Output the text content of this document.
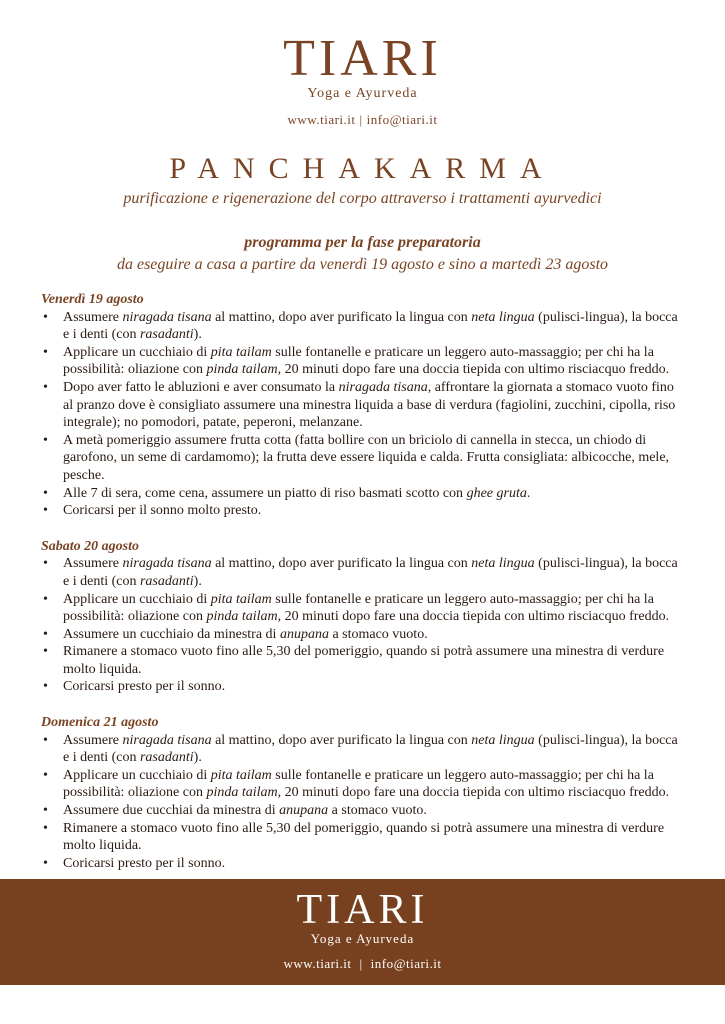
TIARI
Yoga e Ayurveda
www.tiari.it | info@tiari.it
PANCHAKARMA
purificazione e rigenerazione del corpo attraverso i trattamenti ayurvedici
programma per la fase preparatoria
da eseguire a casa a partire da venerdì 19 agosto e sino a martedì 23 agosto
Venerdì 19 agosto
• Assumere niragada tisana al mattino, dopo aver purificato la lingua con neta lingua (pulisci-lingua), la bocca e i denti (con rasadanti).
• Applicare un cucchiaio di pita tailam sulle fontanelle e praticare un leggero auto-massaggio; per chi ha la possibilità: oliazione con pinda tailam, 20 minuti dopo fare una doccia tiepida con ultimo risciacquo freddo.
• Dopo aver fatto le abluzioni e aver consumato la niragada tisana, affrontare la giornata a stomaco vuoto fino al pranzo dove è consigliato assumere una minestra liquida a base di verdura (fagiolini, zucchini, cipolla, riso integrale); no pomodori, patate, peperoni, melanzane.
• A metà pomeriggio assumere frutta cotta (fatta bollire con un briciolo di cannella in stecca, un chiodo di garofono, un seme di cardamomo); la frutta deve essere liquida e calda. Frutta consigliata: albicocche, mele, pesche.
• Alle 7 di sera, come cena, assumere un piatto di riso basmati scotto con ghee gruta.
• Coricarsi per il sonno molto presto.
Sabato 20 agosto
• Assumere niragada tisana al mattino, dopo aver purificato la lingua con neta lingua (pulisci-lingua), la bocca e i denti (con rasadanti).
• Applicare un cucchiaio di pita tailam sulle fontanelle e praticare un leggero auto-massaggio; per chi ha la possibilità: oliazione con pinda tailam, 20 minuti dopo fare una doccia tiepida con ultimo risciacquo freddo.
• Assumere un cucchiaio da minestra di anupana a stomaco vuoto.
• Rimanere a stomaco vuoto fino alle 5,30 del pomeriggio, quando si potrà assumere una minestra di verdure molto liquida.
• Coricarsi presto per il sonno.
Domenica 21 agosto
• Assumere niragada tisana al mattino, dopo aver purificato la lingua con neta lingua (pulisci-lingua), la bocca e i denti (con rasadanti).
• Applicare un cucchiaio di pita tailam sulle fontanelle e praticare un leggero auto-massaggio; per chi ha la possibilità: oliazione con pinda tailam, 20 minuti dopo fare una doccia tiepida con ultimo risciacquo freddo.
• Assumere due cucchiai da minestra di anupana a stomaco vuoto.
• Rimanere a stomaco vuoto fino alle 5,30 del pomeriggio, quando si potrà assumere una minestra di verdure molto liquida.
• Coricarsi presto per il sonno.
TIARI
Yoga e Ayurveda
www.tiari.it | info@tiari.it
